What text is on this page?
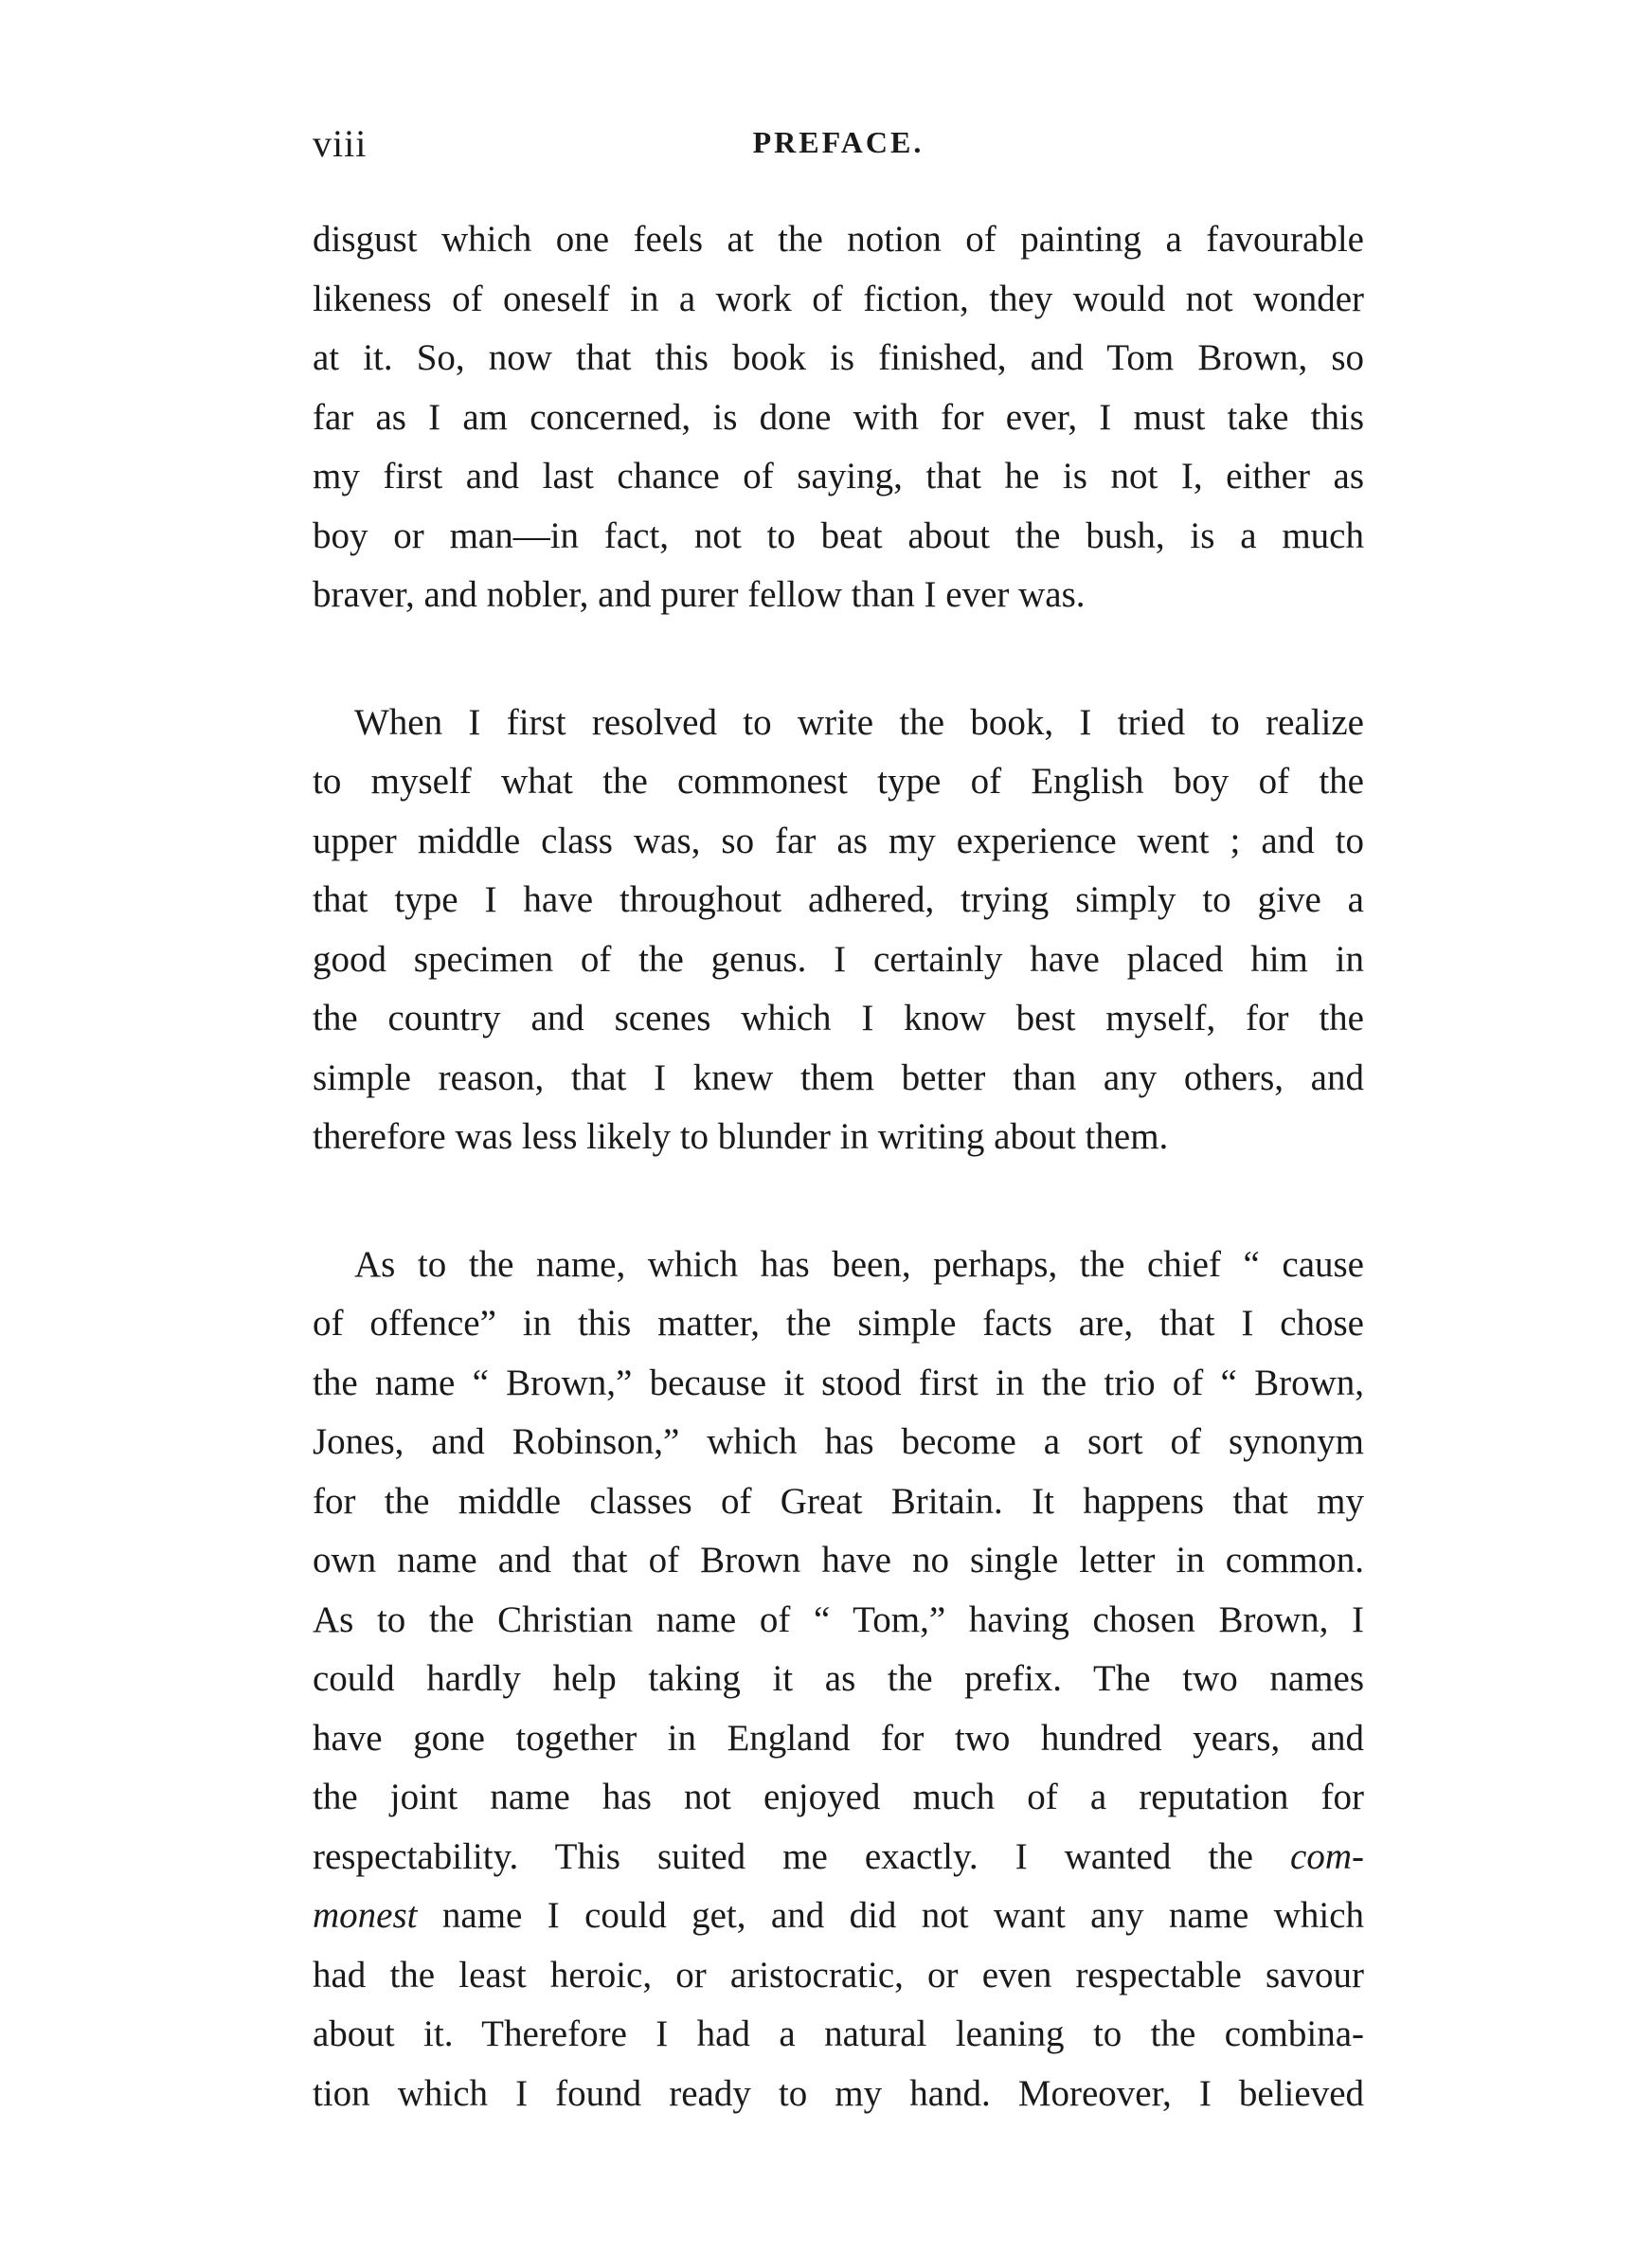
viii	PREFACE.
disgust which one feels at the notion of painting a favourable
likeness of oneself in a work of fiction, they would not wonder
at it. So, now that this book is finished, and Tom Brown, so
far as I am concerned, is done with for ever, I must take this
my first and last chance of saying, that he is not I, either as
boy or man—in fact, not to beat about the bush, is a much
braver, and nobler, and purer fellow than I ever was.
When I first resolved to write the book, I tried to realize
to myself what the commonest type of English boy of the
upper middle class was, so far as my experience went ; and to
that type I have throughout adhered, trying simply to give a
good specimen of the genus. I certainly have placed him in
the country and scenes which I know best myself, for the
simple reason, that I knew them better than any others, and
therefore was less likely to blunder in writing about them.
As to the name, which has been, perhaps, the chief “ cause
of offence” in this matter, the simple facts are, that I chose
the name “ Brown,” because it stood first in the trio of “ Brown,
Jones, and Robinson,” which has become a sort of synonym
for the middle classes of Great Britain. It happens that my
own name and that of Brown have no single letter in common.
As to the Christian name of “ Tom,” having chosen Brown, I
could hardly help taking it as the prefix. The two names
have gone together in England for two hundred years, and
the joint name has not enjoyed much of a reputation for
respectability. This suited me exactly. I wanted the com-
monest name I could get, and did not want any name which
had the least heroic, or aristocratic, or even respectable savour
about it. Therefore I had a natural leaning to the combina-
tion which I found ready to my hand. Moreover, I believed
